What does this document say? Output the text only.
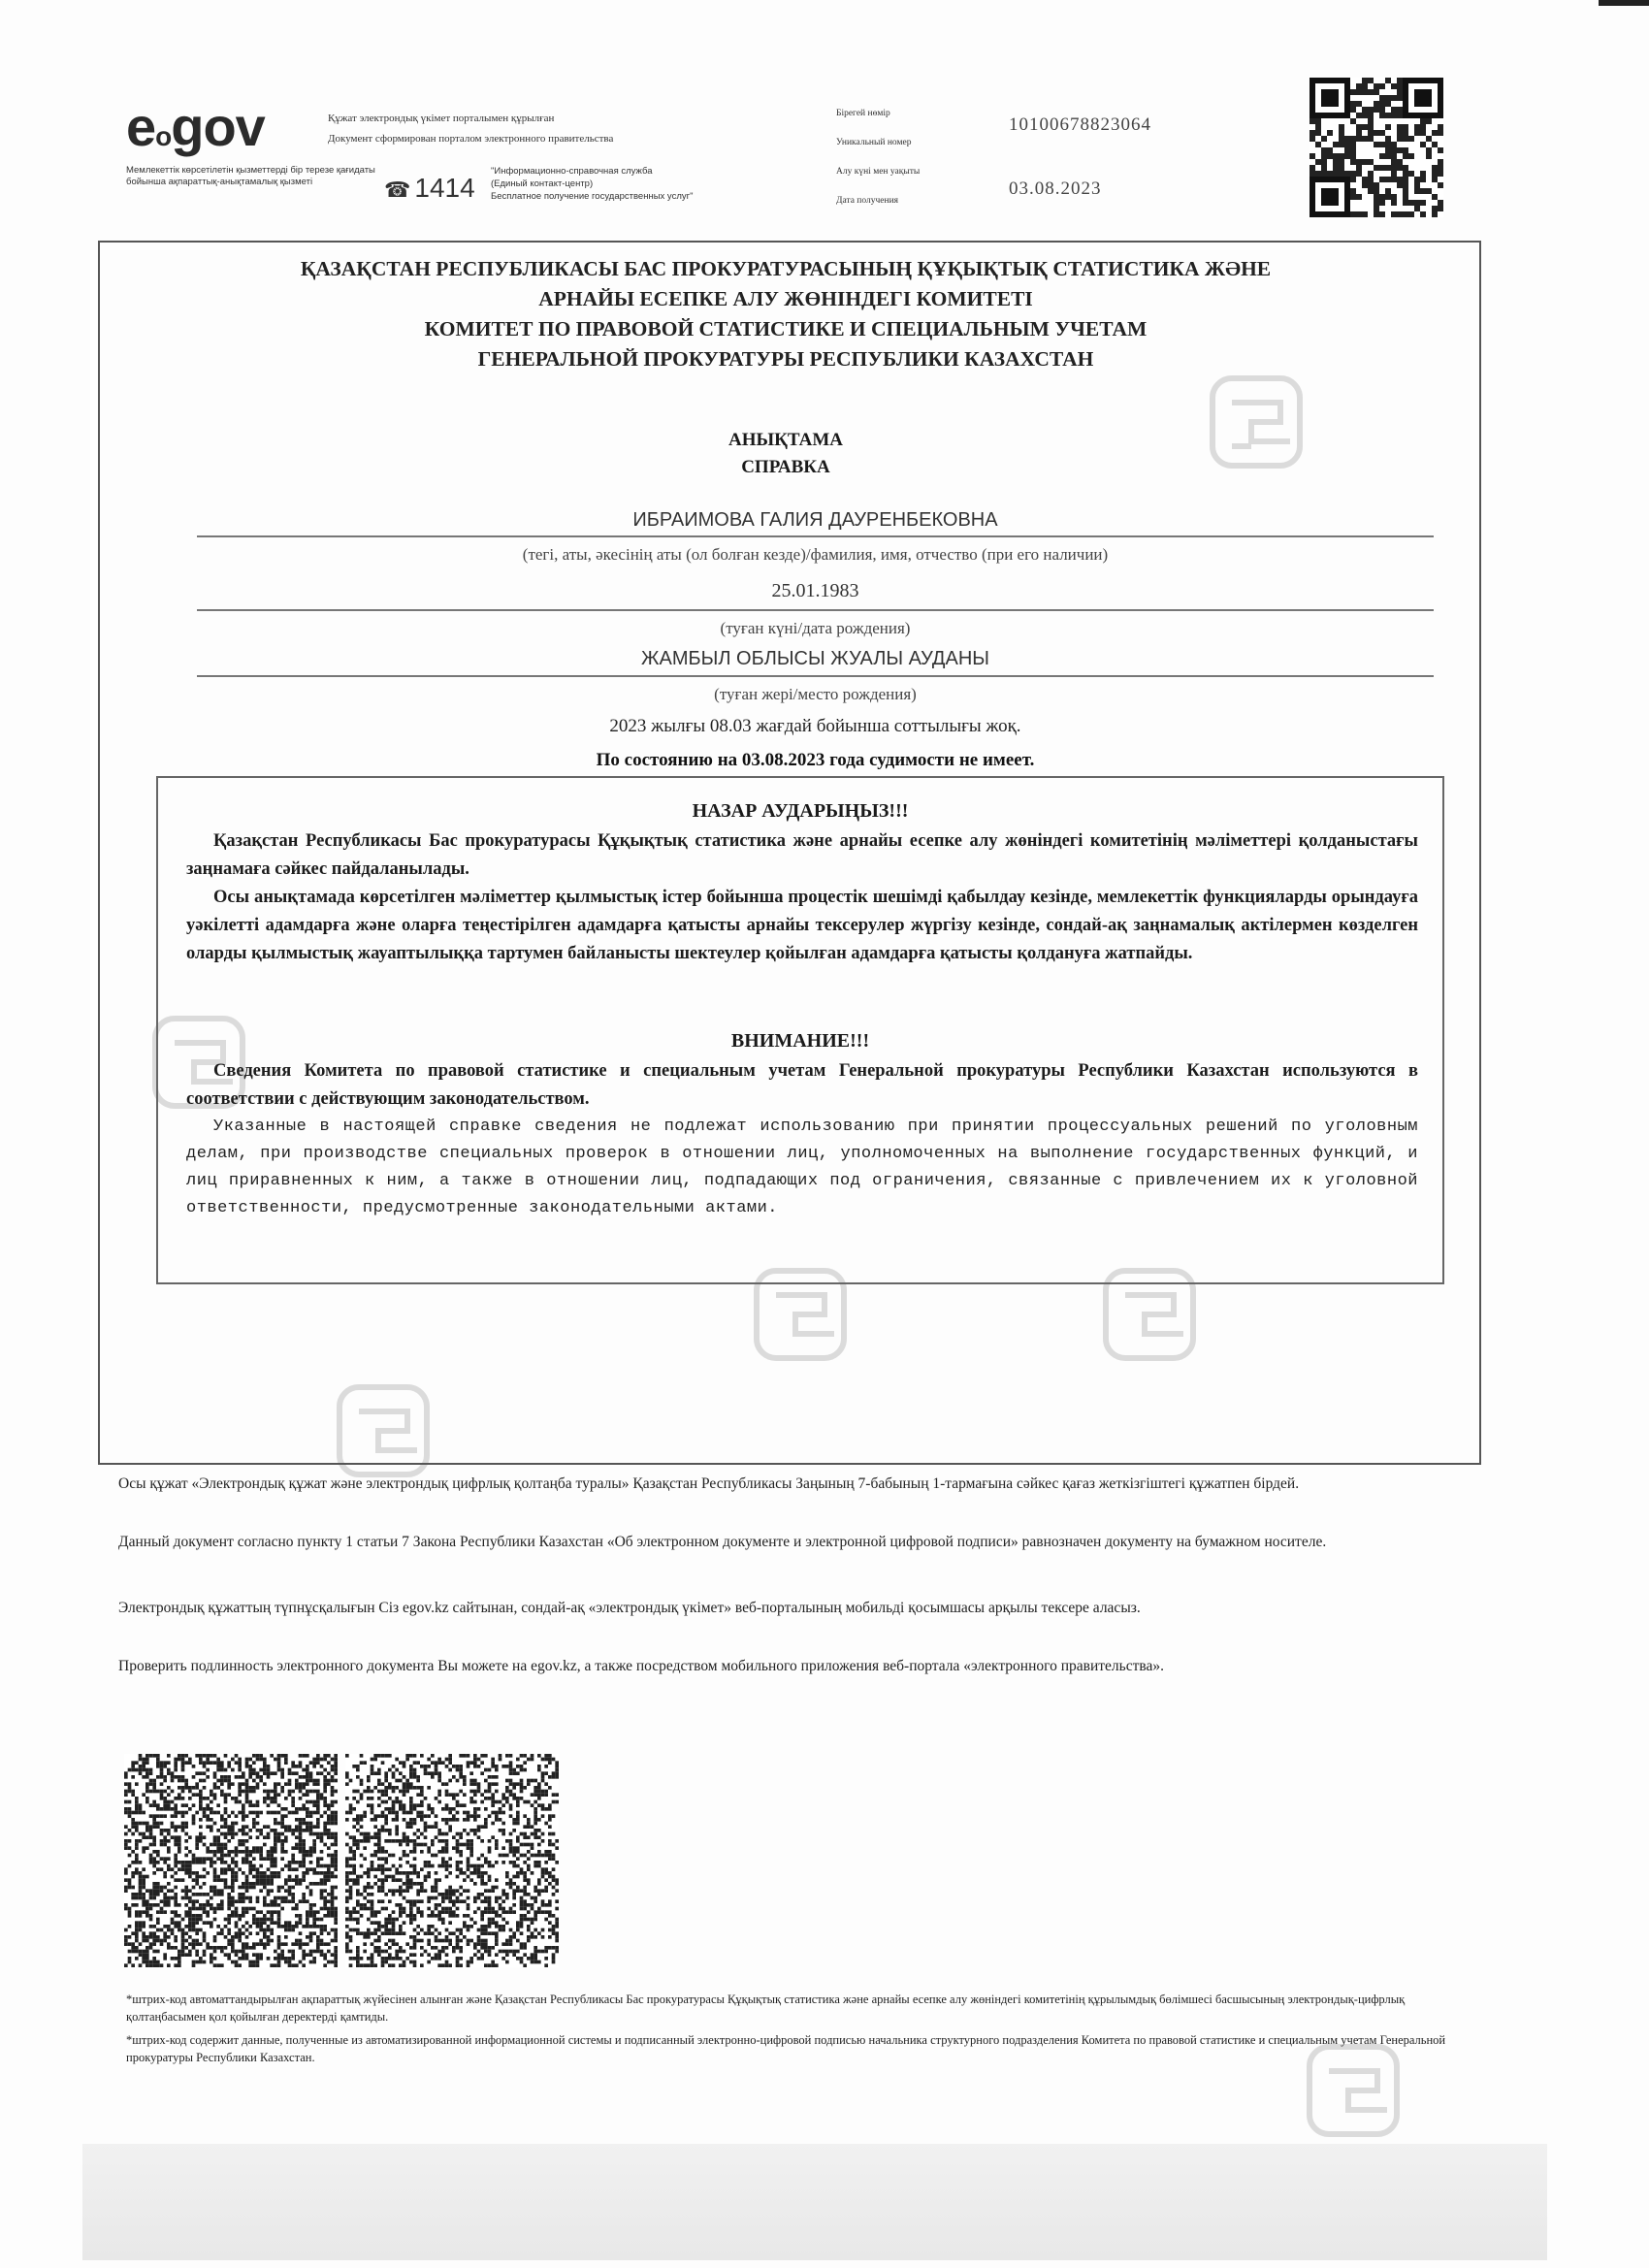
eogov
Мемлекеттік көрсетілетін қызметтерді бір терезе қағидаты бойынша ақпараттық-анықтамалық қызметі	☎ 1414
"Информационно-справочная служба
(Единый контакт-центр)
Бесплатное получение государственных услуг"
Құжат электрондық үкімет порталымен құрылған
Документ сформирован порталом электронного правительства
Бірегей нөмір
Уникальный номер
Алу күні мен уақыты
Дата получения
10100678823064
03.08.2023
ҚАЗАҚСТАН РЕСПУБЛИКАСЫ БАС ПРОКУРАТУРАСЫНЫҢ ҚҰҚЫҚТЫҚ СТАТИСТИКА ЖӘНЕ
АРНАЙЫ ЕСЕПКЕ АЛУ ЖӨНІНДЕГІ КОМИТЕТІ
КОМИТЕТ ПО ПРАВОВОЙ СТАТИСТИКЕ И СПЕЦИАЛЬНЫМ УЧЕТАМ
ГЕНЕРАЛЬНОЙ ПРОКУРАТУРЫ РЕСПУБЛИКИ КАЗАХСТАН
АНЫҚТАМА
СПРАВКА
ИБРАИМОВА ГАЛИЯ ДАУРЕНБЕКОВНА
(тегі, аты, әкесінің аты (ол болған кезде)/фамилия, имя, отчество (при его наличии)
25.01.1983
(туған күні/дата рождения)
ЖАМБЫЛ ОБЛЫСЫ ЖУАЛЫ АУДАНЫ
(туған жері/место рождения)
2023 жылғы 08.03 жағдай бойынша соттылығы жоқ.
По состоянию на 03.08.2023 года судимости не имеет.
НАЗАР АУДАРЫҢЫЗ!!!
Қазақстан Республикасы Бас прокуратурасы Құқықтық статистика және арнайы есепке алу жөніндегі комитетінің мәліметтері қолданыстағы заңнамаға сәйкес пайдаланылады.
Осы анықтамада көрсетілген мәліметтер қылмыстық істер бойынша процестік шешімді қабылдау кезінде, мемлекеттік функцияларды орындауға уәкілетті адамдарға және оларға теңестірілген адамдарға қатысты арнайы тексерулер жүргізу кезінде, сондай-ақ заңнамалық актілермен көзделген оларды қылмыстық жауаптылыққа тартумен байланысты шектеулер қойылған адамдарға қатысты қолдануға жатпайды.
ВНИМАНИЕ!!!
Сведения Комитета по правовой статистике и специальным учетам Генеральной прокуратуры Республики Казахстан используются в соответствии с действующим законодательством.
Указанные в настоящей справке сведения не подлежат использованию при принятии процессуальных решений по уголовным делам, при производстве специальных проверок в отношении лиц, уполномоченных на выполнение государственных функций, и лиц приравненных к ним, а также в отношении лиц, подпадающих под ограничения, связанные с привлечением их к уголовной ответственности, предусмотренные законодательными актами.
Осы құжат «Электрондық құжат және электрондық цифрлық қолтаңба туралы» Қазақстан Республикасы Заңының 7-бабының 1-тармағына сәйкес қағаз жеткізгіштегі құжатпен бірдей.
Данный документ согласно пункту 1 статьи 7 Закона Республики Казахстан «Об электронном документе и электронной цифровой подписи» равнозначен документу на бумажном носителе.
Электрондық құжаттың түпнұсқалығын Сіз egov.kz сайтынан, сондай-ақ «электрондық үкімет» веб-порталының мобильді қосымшасы арқылы тексере аласыз.
Проверить подлинность электронного документа Вы можете на egov.kz, а также посредством мобильного приложения веб-портала «электронного правительства».
*штрих-код автоматтандырылған ақпараттық жүйесінен алынған және Қазақстан Республикасы Бас прокуратурасы Құқықтық статистика және арнайы есепке алу жөніндегі комитетінің құрылымдық бөлімшесі басшысының электрондық-цифрлық қолтаңбасымен қол қойылған деректерді қамтиды.
*штрих-код содержит данные, полученные из автоматизированной информационной системы и подписанный электронно-цифровой подписью начальника структурного подразделения Комитета по правовой статистике и специальным учетам Генеральной прокуратуры Республики Казахстан.
